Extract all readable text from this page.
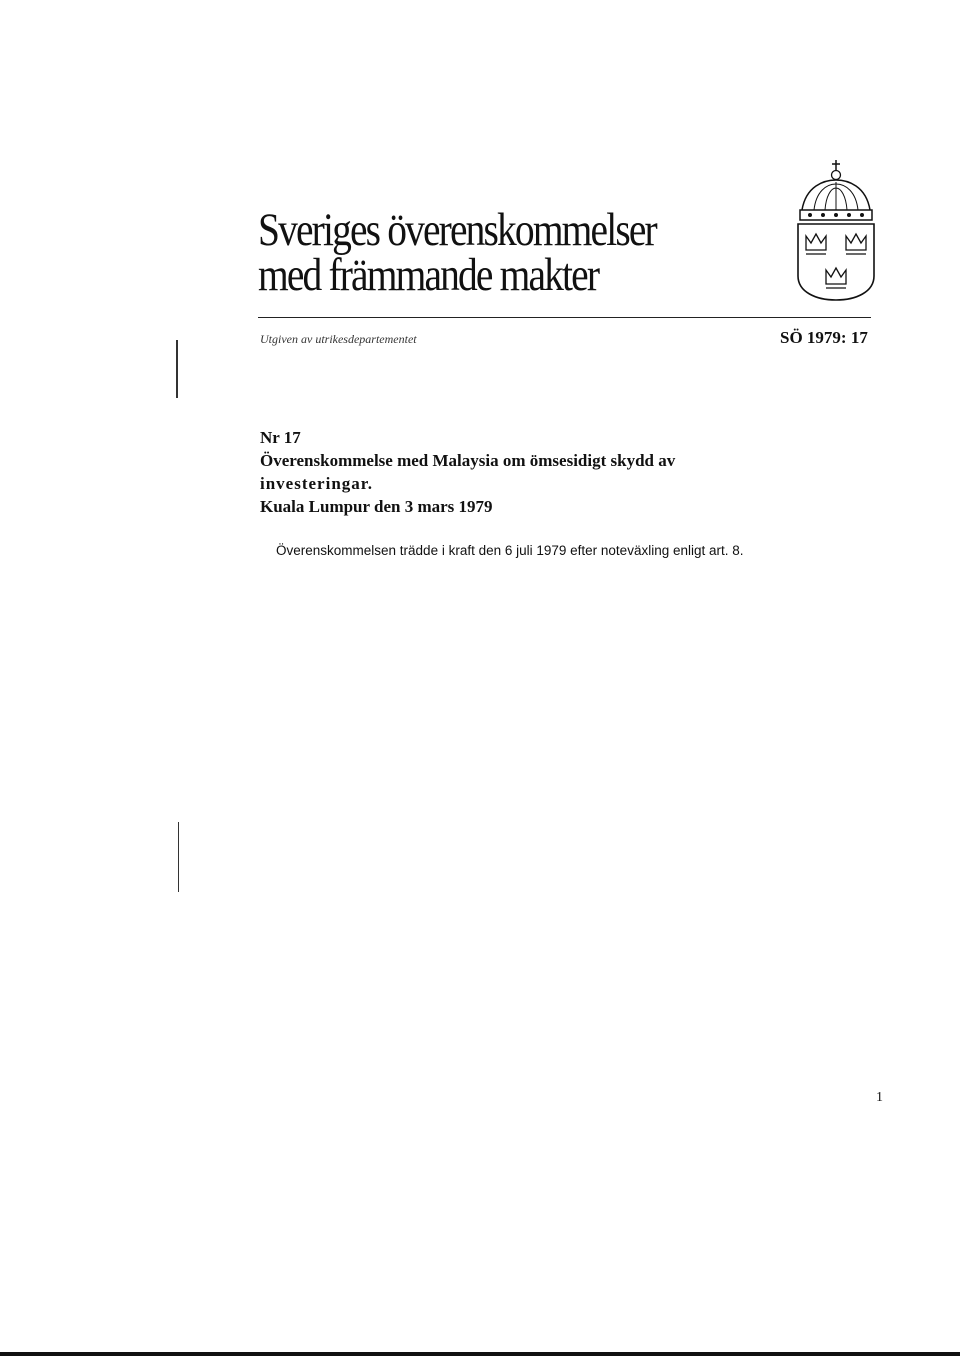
Sveriges överenskommelser
med främmande makter
Utgiven av utrikesdepartementet	SÖ 1979: 17
Nr 17
Överenskommelse med Malaysia om ömsesidigt skydd av
investeringar.
Kuala Lumpur den 3 mars 1979

Överenskommelsen trädde i kraft den 6 juli 1979 efter noteväxling enligt art. 8.

1
